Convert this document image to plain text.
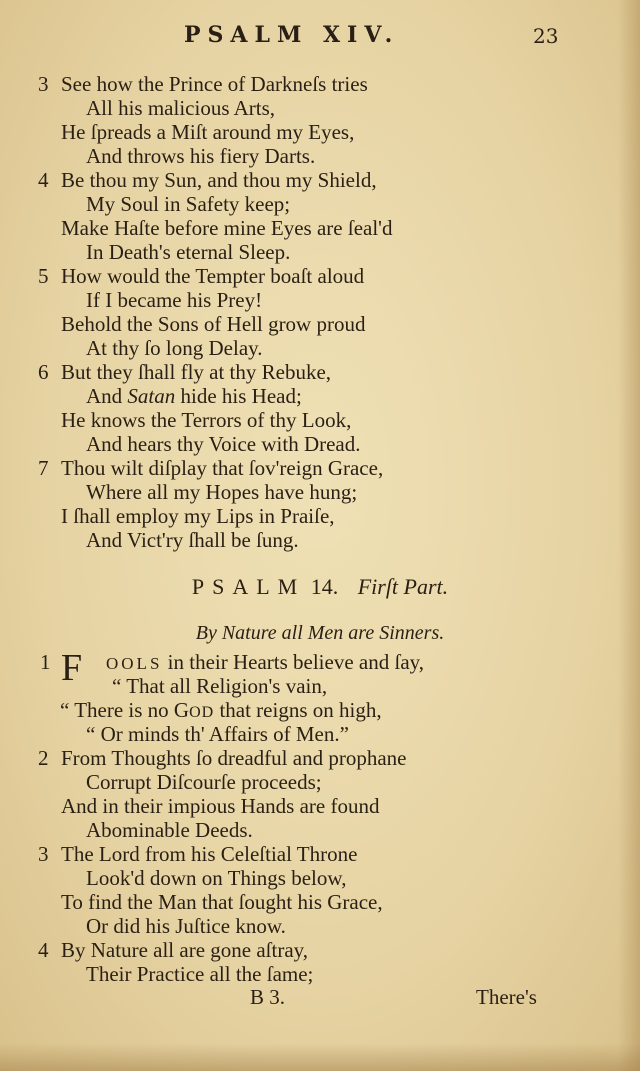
PSALM XIV.	23
3 See how the Prince of Darkneſs tries
All his malicious Arts,
He ſpreads a Miſt around my Eyes,
And throws his fiery Darts.
4 Be thou my Sun, and thou my Shield,
My Soul in Safety keep;
Make Haſte before mine Eyes are ſeal'd
In Death's eternal Sleep.
5 How would the Tempter boaſt aloud
If I became his Prey!
Behold the Sons of Hell grow proud
At thy ſo long Delay.
6 But they ſhall fly at thy Rebuke,
And Satan hide his Head;
He knows the Terrors of thy Look,
And hears thy Voice with Dread.
7 Thou wilt diſplay that ſov'reign Grace,
Where all my Hopes have hung;
I ſhall employ my Lips in Praiſe,
And Vict'ry ſhall be ſung.
PSALM 14. Firſt Part.
By Nature all Men are Sinners.
1	OOLS in their Hearts believe and ſay,
F “ That all Religion's vain,
“ There is no GOD that reigns on high,
“ Or minds th' Affairs of Men.”
2 From Thoughts ſo dreadful and prophane
Corrupt Diſcourſe proceeds;
And in their impious Hands are found
Abominable Deeds.
3 The Lord from his Celeſtial Throne
Look'd down on Things below,
To find the Man that ſought his Grace,
Or did his Juſtice know.
4 By Nature all are gone aſtray,
Their Practice all the ſame;
B 3.	There's
